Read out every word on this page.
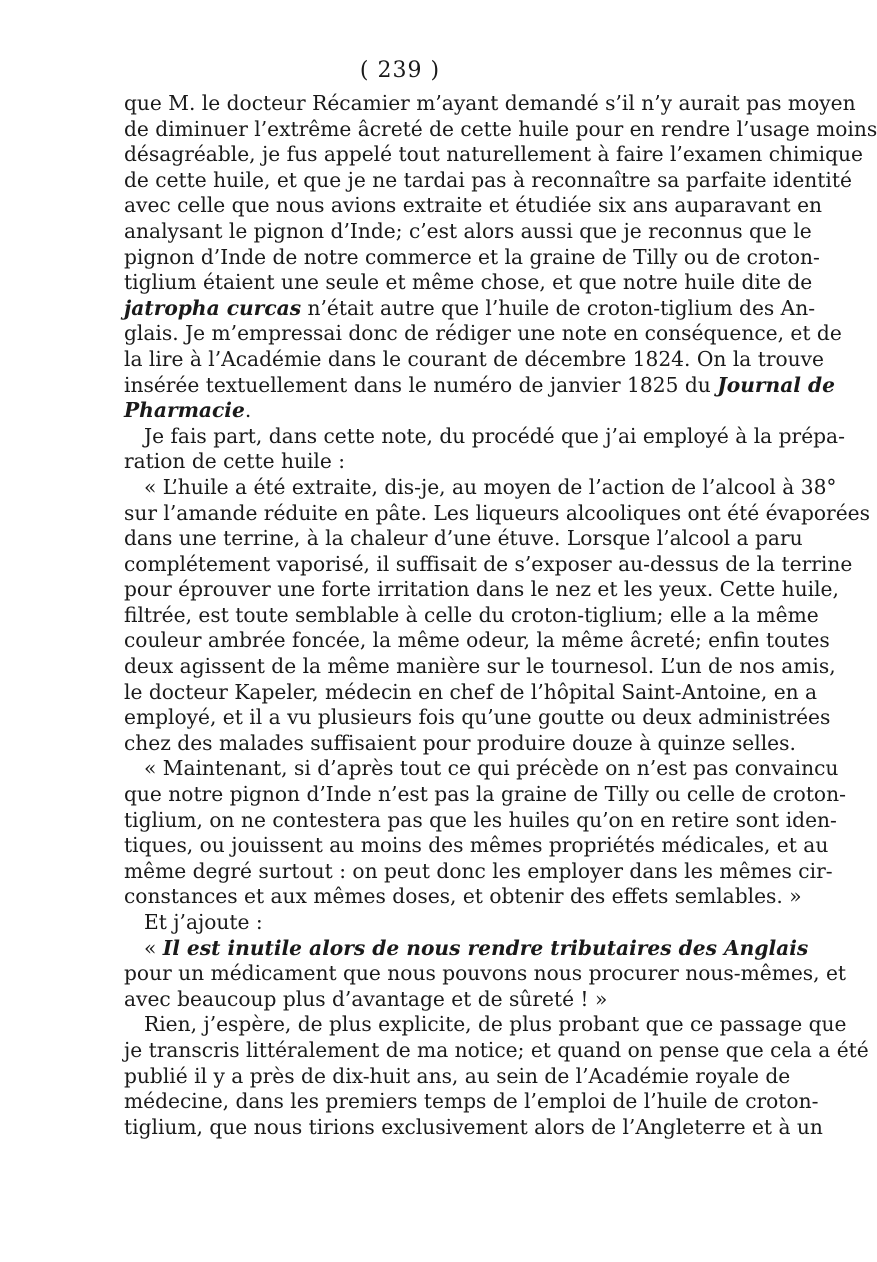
( 239 )
que M. le docteur Récamier m’ayant demandé s’il n’y aurait pas moyen
de diminuer l’extrême âcreté de cette huile pour en rendre l’usage moins
désagréable, je fus appelé tout naturellement à faire l’examen chimique
de cette huile, et que je ne tardai pas à reconnaître sa parfaite identité
avec celle que nous avions extraite et étudiée six ans auparavant en
analysant le pignon d’Inde; c’est alors aussi que je reconnus que le
pignon d’Inde de notre commerce et la graine de Tilly ou de croton-
tiglium étaient une seule et même chose, et que notre huile dite de
jatropha curcas n’était autre que l’huile de croton-tiglium des An-
glais. Je m’empressai donc de rédiger une note en conséquence, et de
la lire à l’Académie dans le courant de décembre 1824. On la trouve
insérée textuellement dans le numéro de janvier 1825 du Journal de
Pharmacie.
Je fais part, dans cette note, du procédé que j’ai employé à la prépa-
ration de cette huile :
« L’huile a été extraite, dis-je, au moyen de l’action de l’alcool à 38°
sur l’amande réduite en pâte. Les liqueurs alcooliques ont été évaporées
dans une terrine, à la chaleur d’une étuve. Lorsque l’alcool a paru
complétement vaporisé, il suffisait de s’exposer au-dessus de la terrine
pour éprouver une forte irritation dans le nez et les yeux. Cette huile,
filtrée, est toute semblable à celle du croton-tiglium; elle a la même
couleur ambrée foncée, la même odeur, la même âcreté; enfin toutes
deux agissent de la même manière sur le tournesol. L’un de nos amis,
le docteur Kapeler, médecin en chef de l’hôpital Saint-Antoine, en a
employé, et il a vu plusieurs fois qu’une goutte ou deux administrées
chez des malades suffisaient pour produire douze à quinze selles.
« Maintenant, si d’après tout ce qui précède on n’est pas convaincu
que notre pignon d’Inde n’est pas la graine de Tilly ou celle de croton-
tiglium, on ne contestera pas que les huiles qu’on en retire sont iden-
tiques, ou jouissent au moins des mêmes propriétés médicales, et au
même degré surtout : on peut donc les employer dans les mêmes cir-
constances et aux mêmes doses, et obtenir des effets semlables. »
Et j’ajoute :
« Il est inutile alors de nous rendre tributaires des Anglais
pour un médicament que nous pouvons nous procurer nous-mêmes, et
avec beaucoup plus d’avantage et de sûreté ! »
Rien, j’espère, de plus explicite, de plus probant que ce passage que
je transcris littéralement de ma notice; et quand on pense que cela a été
publié il y a près de dix-huit ans, au sein de l’Académie royale de
médecine, dans les premiers temps de l’emploi de l’huile de croton-
tiglium, que nous tirions exclusivement alors de l’Angleterre et à un
